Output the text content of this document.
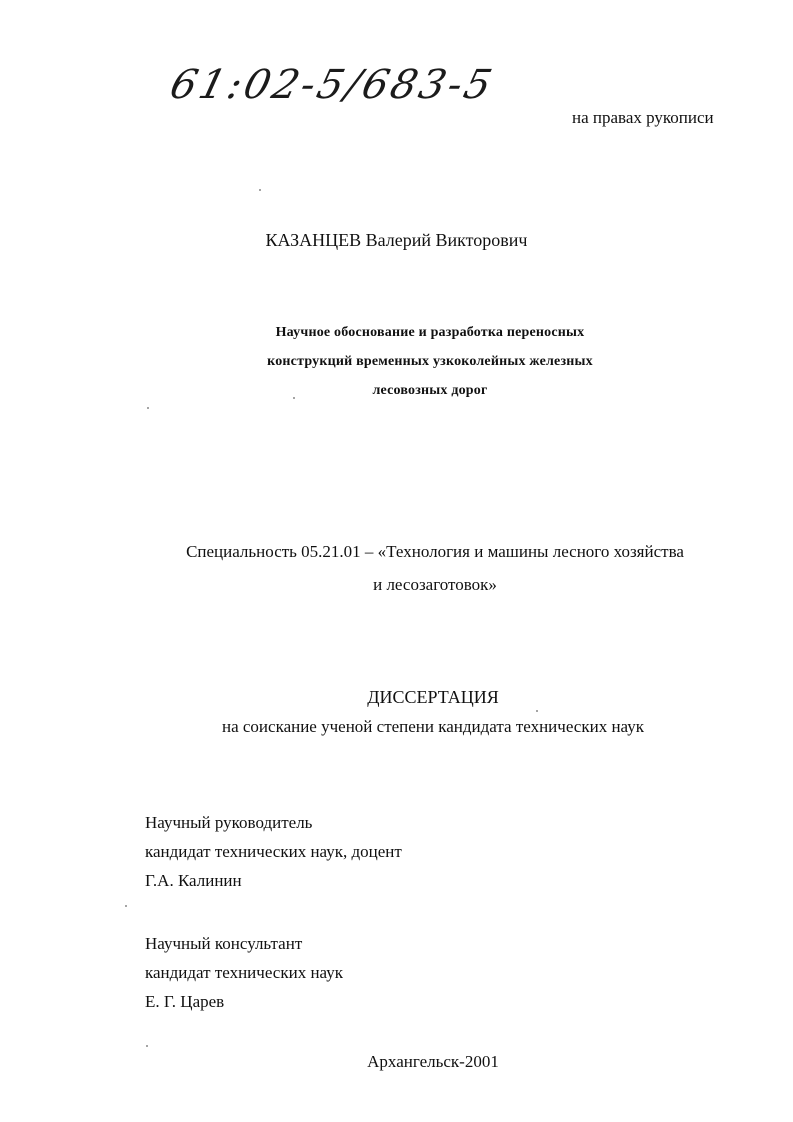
61:02-5/683-5
на правах рукописи
КАЗАНЦЕВ Валерий Викторович
Научное обоснование и разработка переносных
конструкций временных узкоколейных железных
лесовозных дорог
Специальность 05.21.01 – «Технология и машины лесного хозяйства
и лесозаготовок»
ДИССЕРТАЦИЯ
на соискание ученой степени кандидата технических наук
Научный руководитель
кандидат технических наук, доцент
Г.А. Калинин
Научный консультант
кандидат технических наук
Е. Г. Царев
Архангельск-2001
